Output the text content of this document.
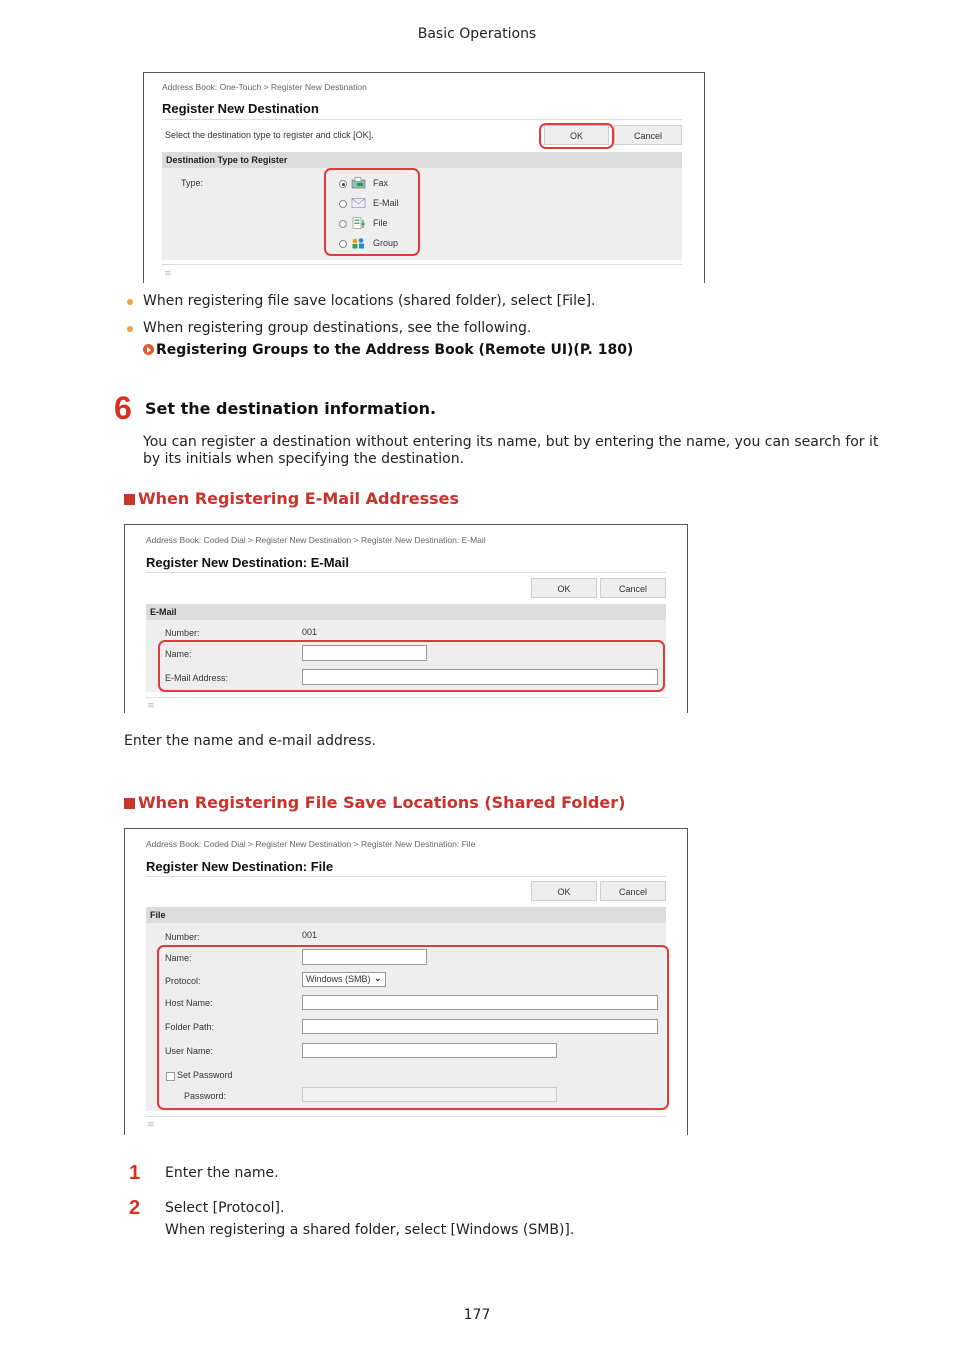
Basic Operations
Address Book: One-Touch > Register New Destination
Register New Destination
Select the destination type to register and click [OK].	OK	Cancel
Destination Type to Register
Type:	Fax
E-Mail
File
Group
≡
When registering file save locations (shared folder), select [File].
When registering group destinations, see the following.
Registering Groups to the Address Book (Remote UI)(P. 180)
6 Set the destination information.
You can register a destination without entering its name, but by entering the name, you can search for it by its initials when specifying the destination.
When Registering E-Mail Addresses
Address Book: Coded Dial > Register New Destination > Register New Destination: E-Mail
Register New Destination: E-Mail
OK	Cancel
E-Mail
Number:	001
Name:
E-Mail Address:
≡
Enter the name and e-mail address.
When Registering File Save Locations (Shared Folder)
Address Book: Coded Dial > Register New Destination > Register New Destination: File
Register New Destination: File
OK	Cancel
File
Number:	001
Name:
Protocol:	Windows (SMB) ⌄
Host Name:
Folder Path:
User Name:
Set Password
Password:
≡
1 Enter the name.
2 Select [Protocol].
When registering a shared folder, select [Windows (SMB)].
177
